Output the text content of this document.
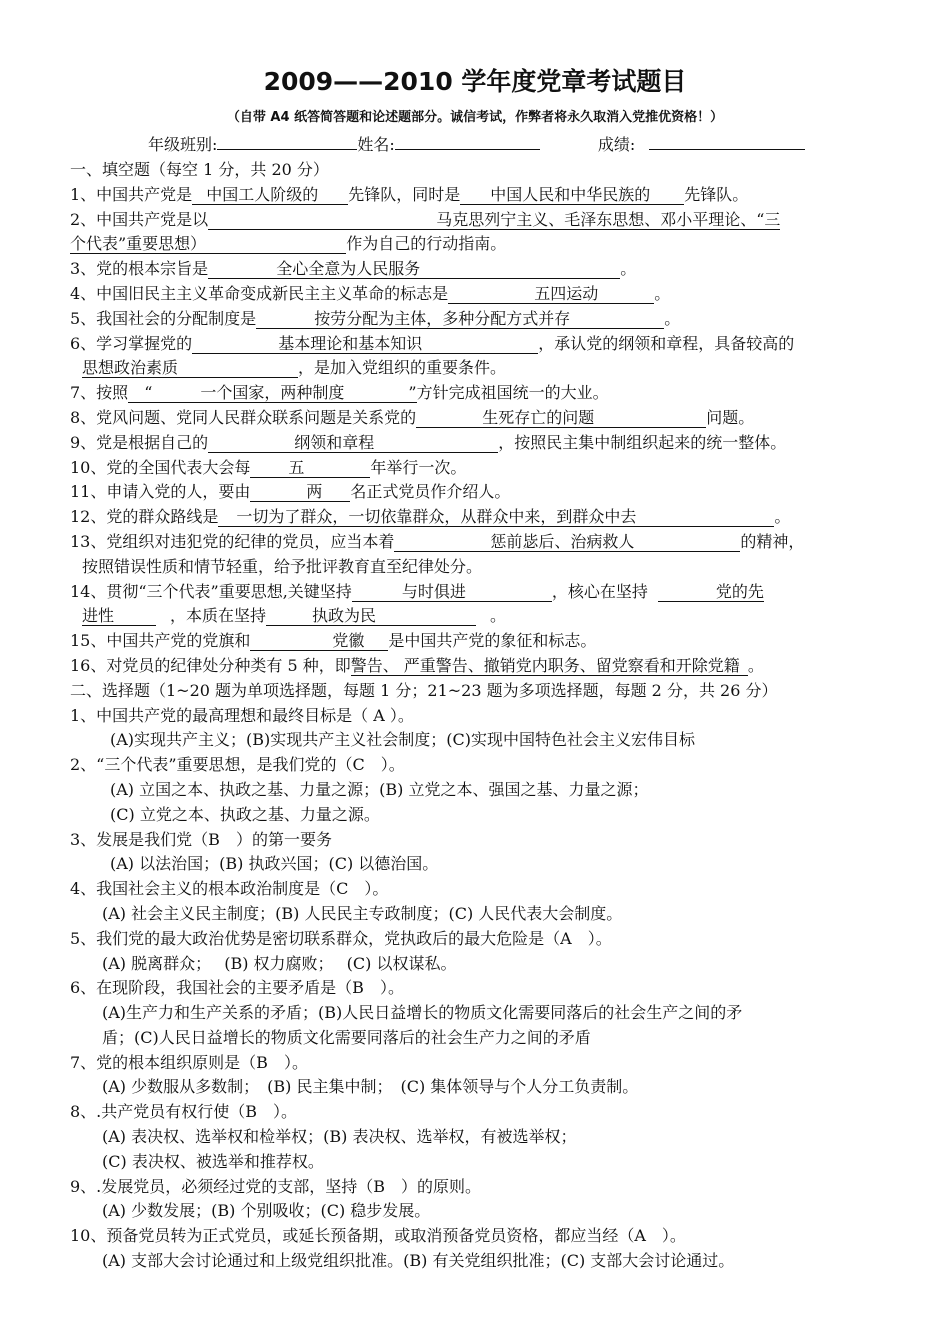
2009——2010 学年度党章考试题目
（自带 A4 纸答简答题和论述题部分。诚信考试，作弊者将永久取消入党推优资格！）
年级班别:	姓名:	成绩:
一、填空题（每空 1 分，共 20 分）
1、中国共产党是 中国工人阶级的 先锋队，同时是 中国人民和中华民族的 先锋队。
2、中国共产党是以	马克思列宁主义、毛泽东思想、邓小平理论、“三
个代表”重要思想）	作为自己的行动指南。
3、党的根本宗旨是	全心全意为人民服务	。
4、中国旧民主主义革命变成新民主主义革命的标志是	五四运动	。
5、我国社会的分配制度是	按劳分配为主体，多种分配方式并存	。
6、学习掌握党的	基本理论和基本知识	，承认党的纲领和章程，具备较高的
思想政治素质	，是加入党组织的重要条件。
7、按照 “　　　一个国家，两种制度　　　　”方针完成祖国统一的大业。
8、党风问题、党同人民群众联系问题是关系党的	生死存亡的问题	问题。
9、党是根据自己的	纲领和章程	，按照民主集中制组织起来的统一整体。
10、党的全国代表大会每 五	年举行一次。
11、申请入党的人，要由	两 名正式党员作介绍人。
12、党的群众路线是 一切为了群众，一切依靠群众，从群众中来，到群众中去	。
13、党组织对违犯党的纪律的党员，应当本着	惩前毖后、治病救人	的精神，
按照错误性质和情节轻重，给予批评教育直至纪律处分。
14、贯彻“三个代表”重要思想,关键坚持	与时俱进	，核心在坚持	党的先
进性	，本质在坚持	执政为民	。
15、中国共产党的党旗和	党徽 是中国共产党的象征和标志。
16、对党员的纪律处分种类有 5 种，即警告、 严重警告、撤销党内职务、留党察看和开除党籍 。
二、选择题（1~20 题为单项选择题，每题 1 分；21~23 题为多项选择题，每题 2 分，共 26 分）
1、中国共产党的最高理想和最终目标是（ A ）。
(A)实现共产主义；(B)实现共产主义社会制度；(C)实现中国特色社会主义宏伟目标
2、“三个代表”重要思想，是我们党的（C　）。
(A) 立国之本、执政之基、力量之源；(B) 立党之本、强国之基、力量之源；
(C) 立党之本、执政之基、力量之源。
3、发展是我们党（B　）的第一要务
(A) 以法治国；(B) 执政兴国；(C) 以德治国。
4、我国社会主义的根本政治制度是（C　）。
(A) 社会主义民主制度；(B) 人民民主专政制度；(C) 人民代表大会制度。
5、我们党的最大政治优势是密切联系群众，党执政后的最大危险是（A　）。
(A) 脱离群众；　 (B) 权力腐败；　 (C) 以权谋私。
6、在现阶段，我国社会的主要矛盾是（B　）。
(A)生产力和生产关系的矛盾；(B)人民日益增长的物质文化需要同落后的社会生产之间的矛
盾；(C)人民日益增长的物质文化需要同落后的社会生产力之间的矛盾
7、党的根本组织原则是（B　）。
(A) 少数服从多数制；　(B) 民主集中制；　(C) 集体领导与个人分工负责制。
8、.共产党员有权行使（B　）。
(A) 表决权、选举权和检举权；(B) 表决权、选举权，有被选举权；
(C) 表决权、被选举和推荐权。
9、.发展党员，必须经过党的支部，坚持（B　）的原则。
(A) 少数发展；(B) 个别吸收；(C) 稳步发展。
10、预备党员转为正式党员，或延长预备期，或取消预备党员资格，都应当经（A　）。
(A) 支部大会讨论通过和上级党组织批准。(B) 有关党组织批准；(C) 支部大会讨论通过。
